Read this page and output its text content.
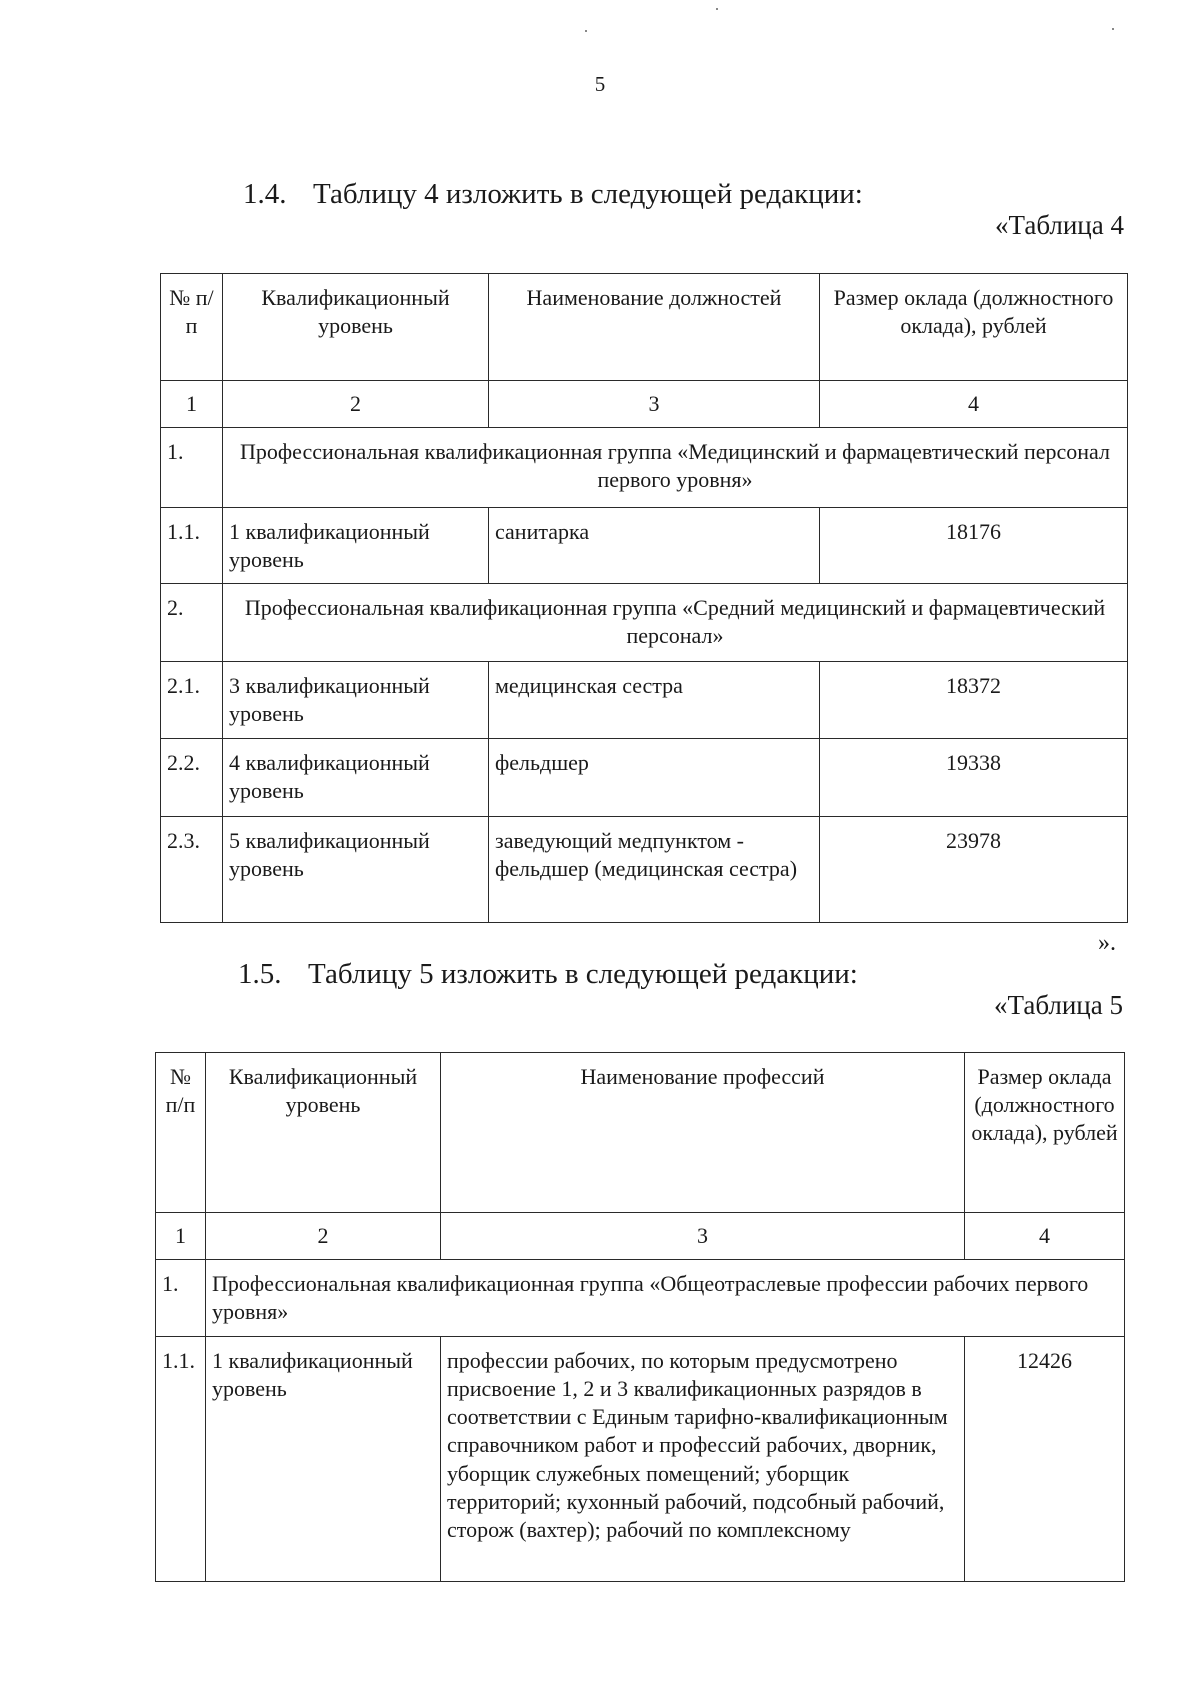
5
1.4. Таблицу 4 изложить в следующей редакции:
«Таблица 4
№ п/п	Квалификационный уровень	Наименование должностей	Размер оклада (должностного оклада), рублей
1	2	3	4
1.	Профессиональная квалификационная группа «Медицинский и фармацевтический персонал первого уровня»		
1.1.	1 квалификационный уровень	санитарка	18176
2.	Профессиональная квалификационная группа «Средний медицинский и фармацевтический персонал»		
2.1.	3 квалификационный уровень	медицинская сестра	18372
2.2.	4 квалификационный уровень	фельдшер	19338
2.3.	5 квалификационный уровень	заведующий медпунктом - фельдшер (медицинская сестра)	23978
».
1.5. Таблицу 5 изложить в следующей редакции:
«Таблица 5
№ п/п	Квалификационный уровень	Наименование профессий	Размер оклада (должностного оклада), рублей
1	2	3	4
1.	Профессиональная квалификационная группа «Общеотраслевые профессии рабочих первого уровня»		
1.1.	1 квалификационный уровень	профессии рабочих, по которым предусмотрено присвоение 1, 2 и 3 квалификационных разрядов в соответствии с Единым тарифно-квалификационным справочником работ и профессий рабочих, дворник, уборщик служебных помещений; уборщик территорий; кухонный рабочий, подсобный рабочий, сторож (вахтер); рабочий по комплексному	12426
